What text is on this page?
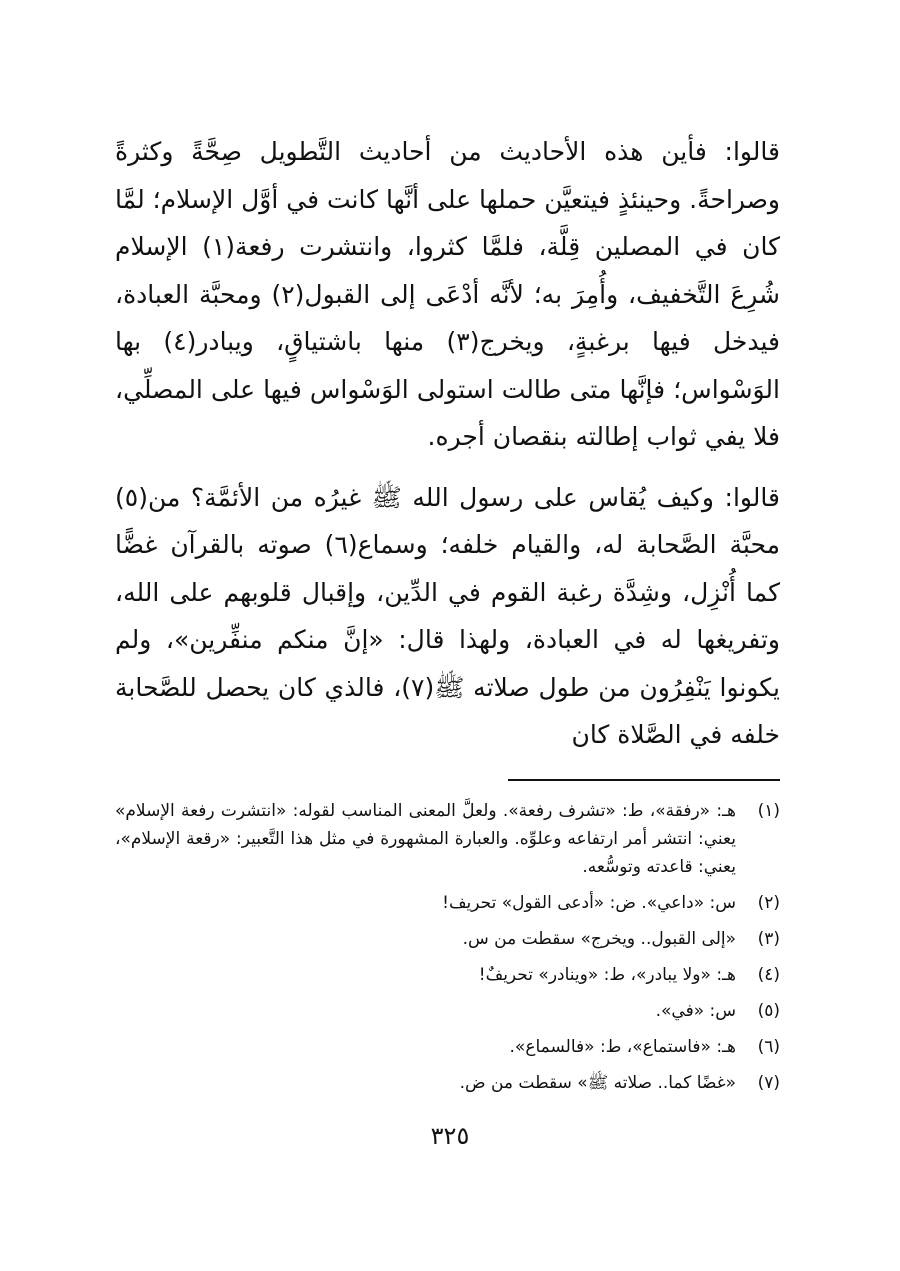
قالوا: فأين هذه الأحاديث من أحاديث التَّطويل صِحَّةً وكثرةً وصراحةً. وحينئذٍ فيتعيَّن حملها على أنَّها كانت في أوَّل الإسلام؛ لمَّا كان في المصلين قِلَّة، فلمَّا كثروا، وانتشرت رفعة(١) الإسلام شُرِعَ التَّخفيف، وأُمِرَ به؛ لأنَّه أدْعَى إلى القبول(٢) ومحبَّة العبادة، فيدخل فيها برغبةٍ، ويخرج(٣) منها باشتياقٍ، ويبادر(٤) بها الوَسْواس؛ فإنَّها متى طالت استولى الوَسْواس فيها على المصلِّي، فلا يفي ثواب إطالته بنقصان أجره.

قالوا: وكيف يُقاس على رسول الله ﷺ غيرُه من الأئمَّة؟ من(٥) محبَّة الصَّحابة له، والقيام خلفه؛ وسماع(٦) صوته بالقرآن غضًّا كما أُنْزِل، وشِدَّة رغبة القوم في الدِّين، وإقبال قلوبهم على الله، وتفريغها له في العبادة، ولهذا قال: «إنَّ منكم منفِّرين»، ولم يكونوا يَنْفِرُون من طول صلاته ﷺ(٧)، فالذي كان يحصل للصَّحابة خلفه في الصَّلاة كان

(١)
هـ: «رفقة»، ط: «تشرف رفعة». ولعلَّ المعنى المناسب لقوله: «انتشرت رفعة الإسلام» يعني: انتشر أمر ارتفاعه وعلوِّه. والعبارة المشهورة في مثل هذا التَّعبير: «رقعة الإسلام»، يعني: قاعدته وتوسُّعه.
(٢)
س: «داعي». ض: «أدعى القول» تحريف!
(٣)
«إلى القبول.. ويخرج» سقطت من س.
(٤)
هـ: «ولا يبادر»، ط: «وينادر» تحريفٌ!
(٥)
س: «في».
(٦)
هـ: «فاستماع»، ط: «فالسماع».
(٧)
«غضًا كما.. صلاته ﷺ» سقطت من ض.
٣٢٥
